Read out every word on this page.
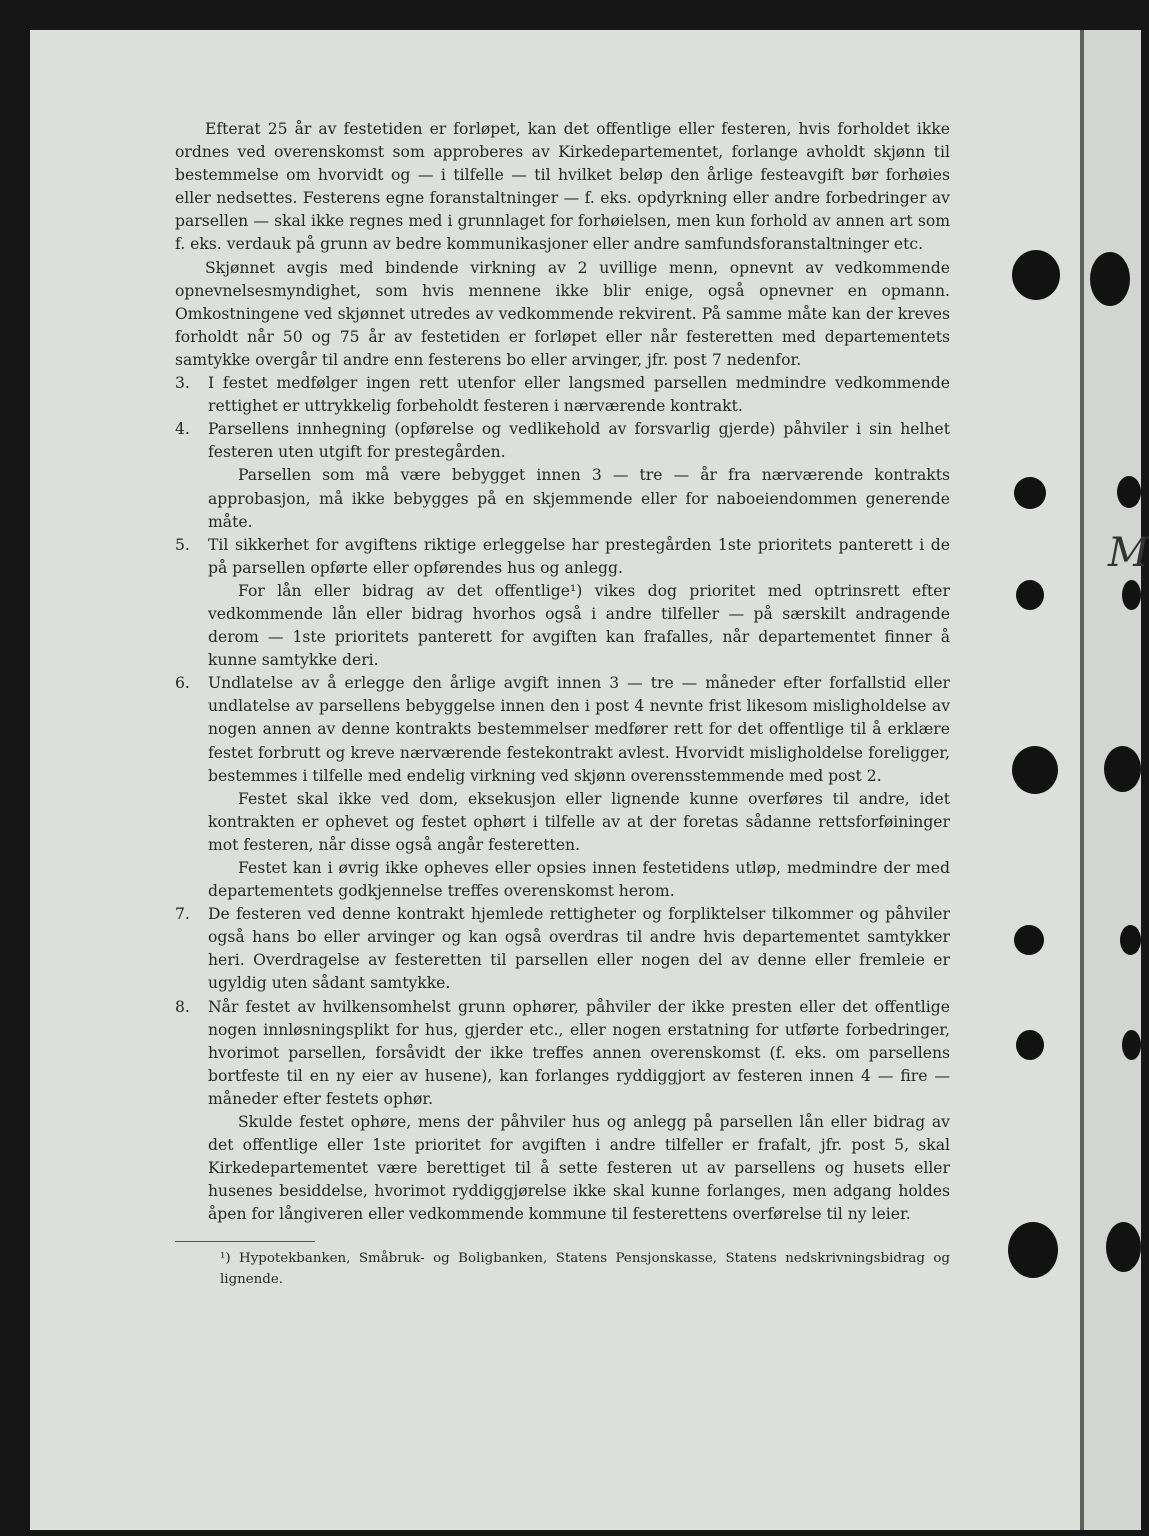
M

Efterat 25 år av festetiden er forløpet, kan det offentlige eller festeren, hvis forholdet ikke ordnes ved overenskomst som approberes av Kirkedepartementet, forlange avholdt skjønn til bestemmelse om hvorvidt og — i tilfelle — til hvilket beløp den årlige festeavgift bør forhøies eller nedsettes. Festerens egne foranstaltninger — f. eks. opdyrkning eller andre forbedringer av parsellen — skal ikke regnes med i grunnlaget for forhøielsen, men kun forhold av annen art som f. eks. verdauk på grunn av bedre kommunikasjoner eller andre samfundsforanstaltninger etc.

Skjønnet avgis med bindende virkning av 2 uvillige menn, opnevnt av vedkommende opnevnelsesmyndighet, som hvis mennene ikke blir enige, også opnevner en opmann. Omkostningene ved skjønnet utredes av vedkommende rekvirent. På samme måte kan der kreves forholdt når 50 og 75 år av festetiden er forløpet eller når festeretten med departementets samtykke overgår til andre enn festerens bo eller arvinger, jfr. post 7 nedenfor.

3.	I festet medfølger ingen rett utenfor eller langsmed parsellen medmindre vedkommende rettighet er uttrykkelig forbeholdt festeren i nærværende kontrakt.

4.	Parsellens innhegning (opførelse og vedlikehold av forsvarlig gjerde) påhviler i sin helhet festeren uten utgift for prestegården.

Parsellen som må være bebygget innen 3 — tre — år fra nærværende kontrakts approbasjon, må ikke bebygges på en skjemmende eller for naboeiendommen generende måte.

5.	Til sikkerhet for avgiftens riktige erleggelse har prestegården 1ste prioritets panterett i de på parsellen opførte eller opførendes hus og anlegg.

For lån eller bidrag av det offentlige¹) vikes dog prioritet med optrinsrett efter vedkommende lån eller bidrag hvorhos også i andre tilfeller — på særskilt andragende derom — 1ste prioritets panterett for avgiften kan frafalles, når departementet finner å kunne samtykke deri.

6.	Undlatelse av å erlegge den årlige avgift innen 3 — tre — måneder efter forfallstid eller undlatelse av parsellens bebyggelse innen den i post 4 nevnte frist likesom misligholdelse av nogen annen av denne kontrakts bestemmelser medfører rett for det offentlige til å erklære festet forbrutt og kreve nærværende festekontrakt avlest. Hvorvidt misligholdelse foreligger, bestemmes i tilfelle med endelig virkning ved skjønn overensstemmende med post 2.

Festet skal ikke ved dom, eksekusjon eller lignende kunne overføres til andre, idet kontrakten er ophevet og festet ophørt i tilfelle av at der foretas sådanne rettsforføininger mot festeren, når disse også angår festeretten.

Festet kan i øvrig ikke opheves eller opsies innen festetidens utløp, medmindre der med departementets godkjennelse treffes overenskomst herom.

7.	De festeren ved denne kontrakt hjemlede rettigheter og forpliktelser tilkommer og påhviler også hans bo eller arvinger og kan også overdras til andre hvis departementet samtykker heri. Overdragelse av festeretten til parsellen eller nogen del av denne eller fremleie er ugyldig uten sådant samtykke.

8.	Når festet av hvilkensomhelst grunn ophører, påhviler der ikke presten eller det offentlige nogen innløsningsplikt for hus, gjerder etc., eller nogen erstatning for utførte forbedringer, hvorimot parsellen, forsåvidt der ikke treffes annen overenskomst (f. eks. om parsellens bortfeste til en ny eier av husene), kan forlanges ryddiggjort av festeren innen 4 — fire — måneder efter festets ophør.

Skulde festet ophøre, mens der påhviler hus og anlegg på parsellen lån eller bidrag av det offentlige eller 1ste prioritet for avgiften i andre tilfeller er frafalt, jfr. post 5, skal Kirkedepartementet være berettiget til å sette festeren ut av parsellens og husets eller husenes besiddelse, hvorimot ryddiggjørelse ikke skal kunne forlanges, men adgang holdes åpen for långiveren eller vedkommende kommune til festerettens overførelse til ny leier.

¹) Hypotekbanken, Småbruk- og Boligbanken, Statens Pensjonskasse, Statens nedskrivningsbidrag og lignende.
